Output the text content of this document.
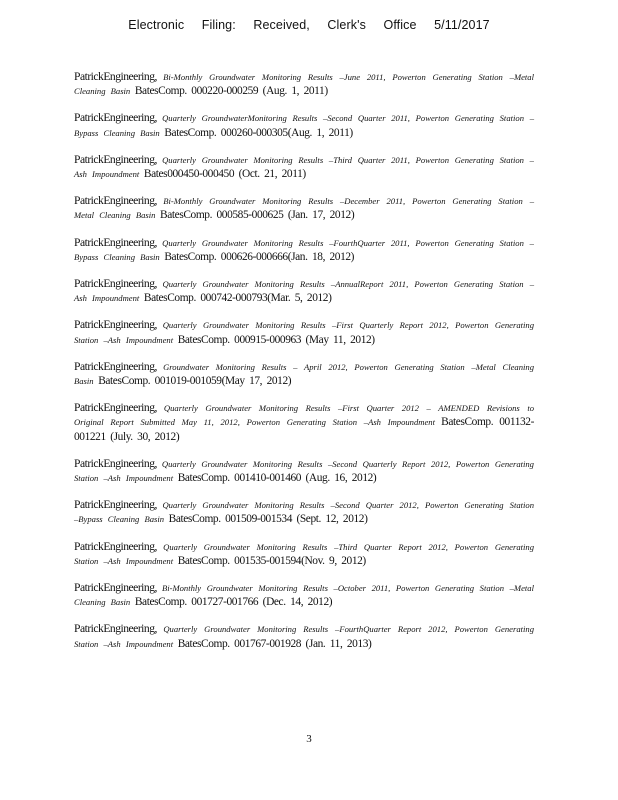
Electronic Filing: Received, Clerk's Office 5/11/2017
PatrickEngineering, Bi-Monthly Groundwater Monitoring Results –June 2011, Powerton Generating Station –Metal Cleaning Basin BatesComp. 000220-000259 (Aug. 1, 2011)
PatrickEngineering, Quarterly GroundwaterMonitoring Results –Second Quarter 2011, Powerton Generating Station –Bypass Cleaning Basin BatesComp. 000260-000305(Aug. 1, 2011)
PatrickEngineering, Quarterly Groundwater Monitoring Results –Third Quarter 2011, Powerton Generating Station –Ash Impoundment Bates000450-000450 (Oct. 21, 2011)
PatrickEngineering, Bi-Monthly Groundwater Monitoring Results –December 2011, Powerton Generating Station –Metal Cleaning Basin BatesComp. 000585-000625 (Jan. 17, 2012)
PatrickEngineering, Quarterly Groundwater Monitoring Results –FourthQuarter 2011, Powerton Generating Station –Bypass Cleaning Basin BatesComp. 000626-000666(Jan. 18, 2012)
PatrickEngineering, Quarterly Groundwater Monitoring Results –AnnualReport 2011, Powerton Generating Station –Ash Impoundment BatesComp. 000742-000793(Mar. 5, 2012)
PatrickEngineering, Quarterly Groundwater Monitoring Results –First Quarterly Report 2012, Powerton Generating Station –Ash Impoundment BatesComp. 000915-000963 (May 11, 2012)
PatrickEngineering, Groundwater Monitoring Results – April 2012, Powerton Generating Station –Metal Cleaning Basin BatesComp. 001019-001059(May 17, 2012)
PatrickEngineering, Quarterly Groundwater Monitoring Results –First Quarter 2012 – AMENDED Revisions to Original Report Submitted May 11, 2012, Powerton Generating Station –Ash Impoundment BatesComp. 001132-001221 (July. 30, 2012)
PatrickEngineering, Quarterly Groundwater Monitoring Results –Second Quarterly Report 2012, Powerton Generating Station –Ash Impoundment BatesComp. 001410-001460 (Aug. 16, 2012)
PatrickEngineering, Quarterly Groundwater Monitoring Results –Second Quarter 2012, Powerton Generating Station –Bypass Cleaning Basin BatesComp. 001509-001534 (Sept. 12, 2012)
PatrickEngineering, Quarterly Groundwater Monitoring Results –Third Quarter Report 2012, Powerton Generating Station –Ash Impoundment BatesComp. 001535-001594(Nov. 9, 2012)
PatrickEngineering, Bi-Monthly Groundwater Monitoring Results –October 2011, Powerton Generating Station –Metal Cleaning Basin BatesComp. 001727-001766 (Dec. 14, 2012)
PatrickEngineering, Quarterly Groundwater Monitoring Results –FourthQuarter Report 2012, Powerton Generating Station –Ash Impoundment BatesComp. 001767-001928 (Jan. 11, 2013)
3
